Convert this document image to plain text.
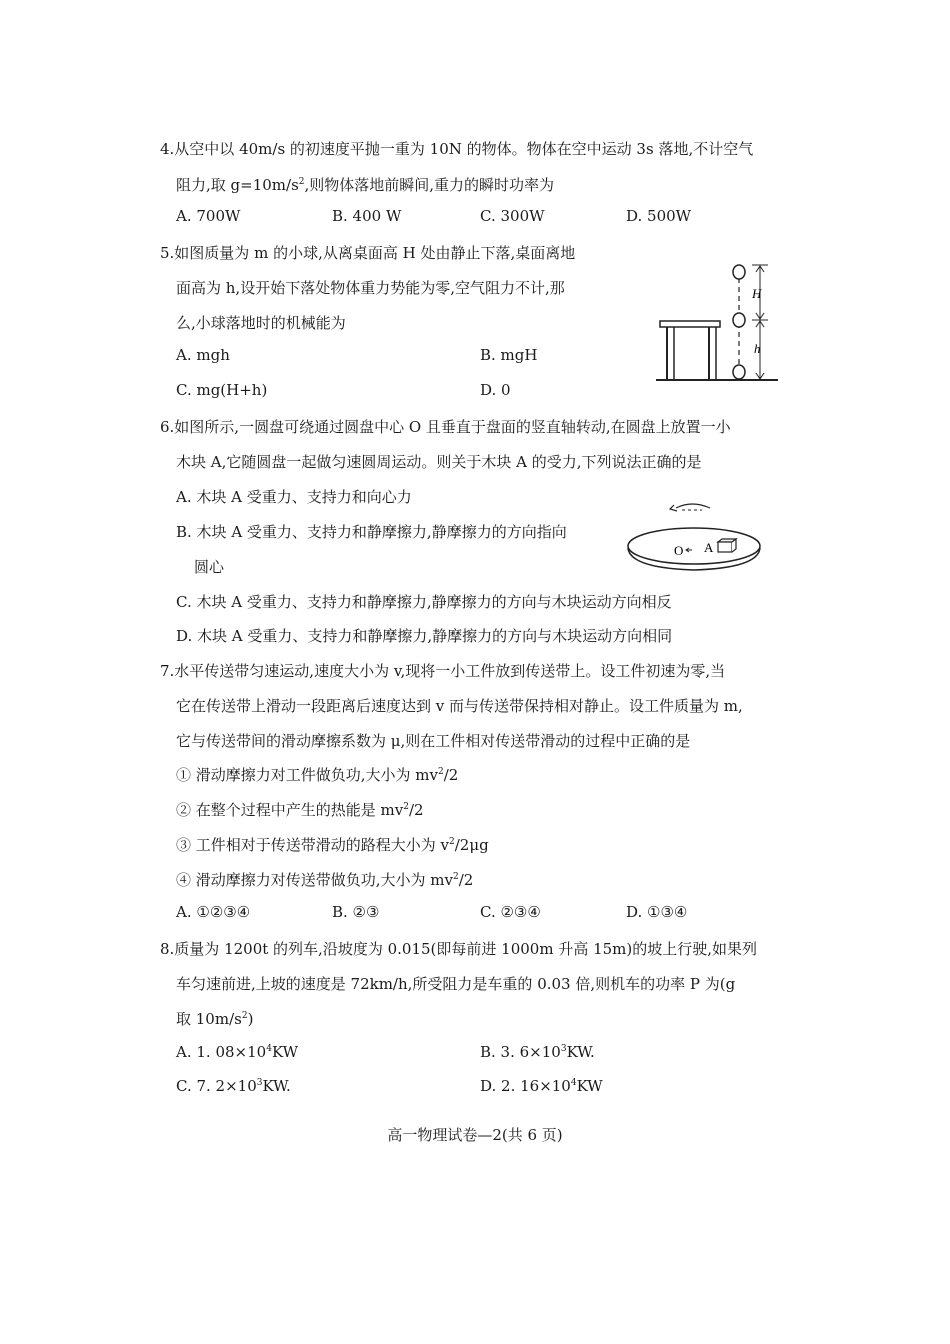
4.从空中以 40m/s 的初速度平抛一重为 10N 的物体。物体在空中运动 3s 落地,不计空气
阻力,取 $g=10m/s^2$,则物体落地前瞬间,重力的瞬时功率为
A. 700W	B. 400 W	C. 300W	D. 500W
5.如图质量为 m 的小球,从离桌面高 H 处由静止下落,桌面离地
面高为 h,设开始下落处物体重力势能为零,空气阻力不计,那
么,小球落地时的机械能为
A. mgh	B. mgH
C. mg(H+h)	D. 0
H
h
6.如图所示,一圆盘可绕通过圆盘中心 O 且垂直于盘面的竖直轴转动,在圆盘上放置一小
木块 A,它随圆盘一起做匀速圆周运动。则关于木块 A 的受力,下列说法正确的是
A. 木块 A 受重力、支持力和向心力
B. 木块 A 受重力、支持力和静摩擦力,静摩擦力的方向指向
圆心
C. 木块 A 受重力、支持力和静摩擦力,静摩擦力的方向与木块运动方向相反
D. 木块 A 受重力、支持力和静摩擦力,静摩擦力的方向与木块运动方向相同
O A
7.水平传送带匀速运动,速度大小为 v,现将一小工件放到传送带上。设工件初速为零,当
它在传送带上滑动一段距离后速度达到 v 而与传送带保持相对静止。设工件质量为 m,
它与传送带间的滑动摩擦系数为 μ,则在工件相对传送带滑动的过程中正确的是
① 滑动摩擦力对工件做负功,大小为 $mv^2/2$
② 在整个过程中产生的热能是 $mv^2/2$
③ 工件相对于传送带滑动的路程大小为 $v^2/2\mu g$
④ 滑动摩擦力对传送带做负功,大小为 $mv^2/2$
A. ①②③④	B. ②③	C. ②③④	D. ①③④
8.质量为 1200t 的列车,沿坡度为 0.015(即每前进 1000m 升高 15m)的坡上行驶,如果列
车匀速前进,上坡的速度是 72km/h,所受阻力是车重的 0.03 倍,则机车的功率 P 为(g
取 $10m/s^2$)
A. 1. $08\times 10^4KW$	B. 3. $6\times 10^3KW$.
C. 7. $2\times 10^3KW$.	D. 2. $16\times 10^4KW$
高一物理试卷—2(共 6 页)
